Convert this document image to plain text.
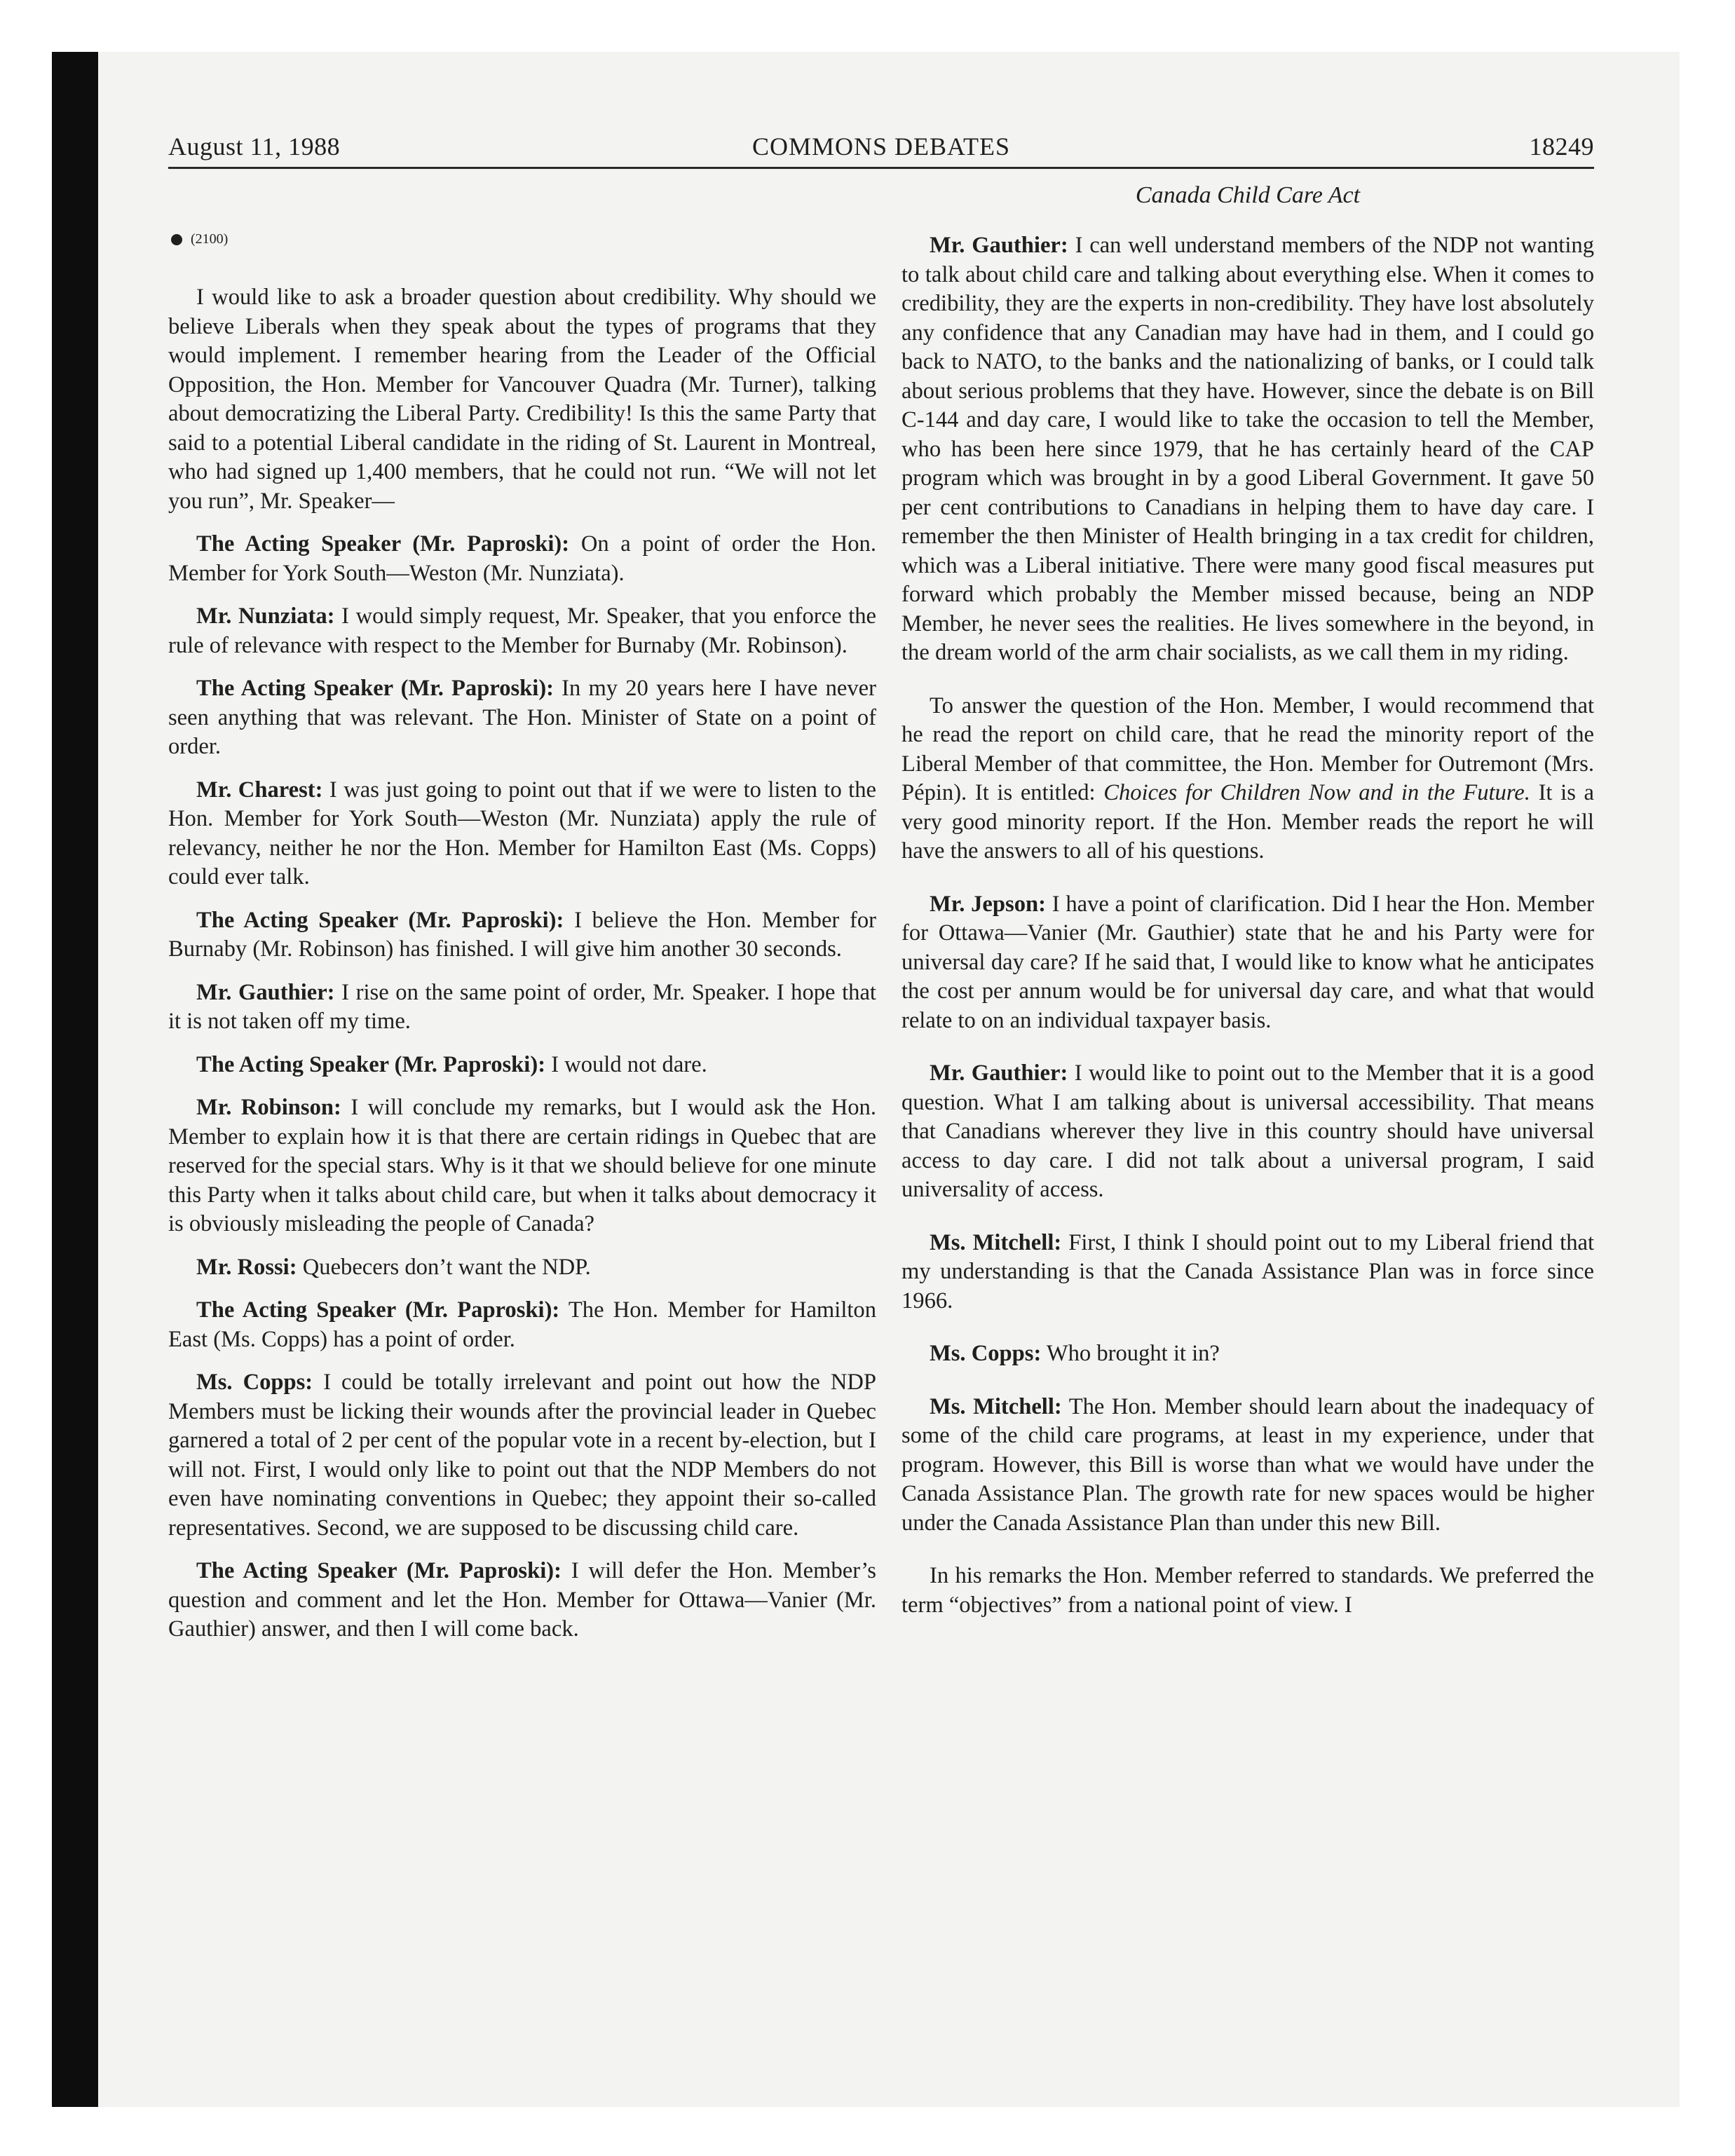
August 11, 1988	COMMONS DEBATES	18249
Canada Child Care Act
(2100)

I would like to ask a broader question about credibility. Why should we believe Liberals when they speak about the types of programs that they would implement. I remember hearing from the Leader of the Official Opposition, the Hon. Member for Vancouver Quadra (Mr. Turner), talking about democratizing the Liberal Party. Credibility! Is this the same Party that said to a potential Liberal candidate in the riding of St. Laurent in Montreal, who had signed up 1,400 members, that he could not run. “We will not let you run”, Mr. Speaker—

The Acting Speaker (Mr. Paproski): On a point of order the Hon. Member for York South—Weston (Mr. Nunziata).

Mr. Nunziata: I would simply request, Mr. Speaker, that you enforce the rule of relevance with respect to the Member for Burnaby (Mr. Robinson).

The Acting Speaker (Mr. Paproski): In my 20 years here I have never seen anything that was relevant. The Hon. Minister of State on a point of order.

Mr. Charest: I was just going to point out that if we were to listen to the Hon. Member for York South—Weston (Mr. Nunziata) apply the rule of relevancy, neither he nor the Hon. Member for Hamilton East (Ms. Copps) could ever talk.

The Acting Speaker (Mr. Paproski): I believe the Hon. Member for Burnaby (Mr. Robinson) has finished. I will give him another 30 seconds.

Mr. Gauthier: I rise on the same point of order, Mr. Speaker. I hope that it is not taken off my time.

The Acting Speaker (Mr. Paproski): I would not dare.

Mr. Robinson: I will conclude my remarks, but I would ask the Hon. Member to explain how it is that there are certain ridings in Quebec that are reserved for the special stars. Why is it that we should believe for one minute this Party when it talks about child care, but when it talks about democracy it is obviously misleading the people of Canada?

Mr. Rossi: Quebecers don’t want the NDP.

The Acting Speaker (Mr. Paproski): The Hon. Member for Hamilton East (Ms. Copps) has a point of order.

Ms. Copps: I could be totally irrelevant and point out how the NDP Members must be licking their wounds after the provincial leader in Quebec garnered a total of 2 per cent of the popular vote in a recent by-election, but I will not. First, I would only like to point out that the NDP Members do not even have nominating conventions in Quebec; they appoint their so-called representatives. Second, we are supposed to be discussing child care.

The Acting Speaker (Mr. Paproski): I will defer the Hon. Member’s question and comment and let the Hon. Member for Ottawa—Vanier (Mr. Gauthier) answer, and then I will come back.

Mr. Gauthier: I can well understand members of the NDP not wanting to talk about child care and talking about everything else. When it comes to credibility, they are the experts in non-credibility. They have lost absolutely any confidence that any Canadian may have had in them, and I could go back to NATO, to the banks and the nationalizing of banks, or I could talk about serious problems that they have. However, since the debate is on Bill C-144 and day care, I would like to take the occasion to tell the Member, who has been here since 1979, that he has certainly heard of the CAP program which was brought in by a good Liberal Government. It gave 50 per cent contributions to Canadians in helping them to have day care. I remember the then Minister of Health bringing in a tax credit for children, which was a Liberal initiative. There were many good fiscal measures put forward which probably the Member missed because, being an NDP Member, he never sees the realities. He lives somewhere in the beyond, in the dream world of the arm chair socialists, as we call them in my riding.

To answer the question of the Hon. Member, I would recommend that he read the report on child care, that he read the minority report of the Liberal Member of that committee, the Hon. Member for Outremont (Mrs. Pépin). It is entitled: Choices for Children Now and in the Future. It is a very good minority report. If the Hon. Member reads the report he will have the answers to all of his questions.

Mr. Jepson: I have a point of clarification. Did I hear the Hon. Member for Ottawa—Vanier (Mr. Gauthier) state that he and his Party were for universal day care? If he said that, I would like to know what he anticipates the cost per annum would be for universal day care, and what that would relate to on an individual taxpayer basis.

Mr. Gauthier: I would like to point out to the Member that it is a good question. What I am talking about is universal accessibility. That means that Canadians wherever they live in this country should have universal access to day care. I did not talk about a universal program, I said universality of access.

Ms. Mitchell: First, I think I should point out to my Liberal friend that my understanding is that the Canada Assistance Plan was in force since 1966.

Ms. Copps: Who brought it in?

Ms. Mitchell: The Hon. Member should learn about the inadequacy of some of the child care programs, at least in my experience, under that program. However, this Bill is worse than what we would have under the Canada Assistance Plan. The growth rate for new spaces would be higher under the Canada Assistance Plan than under this new Bill.

In his remarks the Hon. Member referred to standards. We preferred the term “objectives” from a national point of view. I
